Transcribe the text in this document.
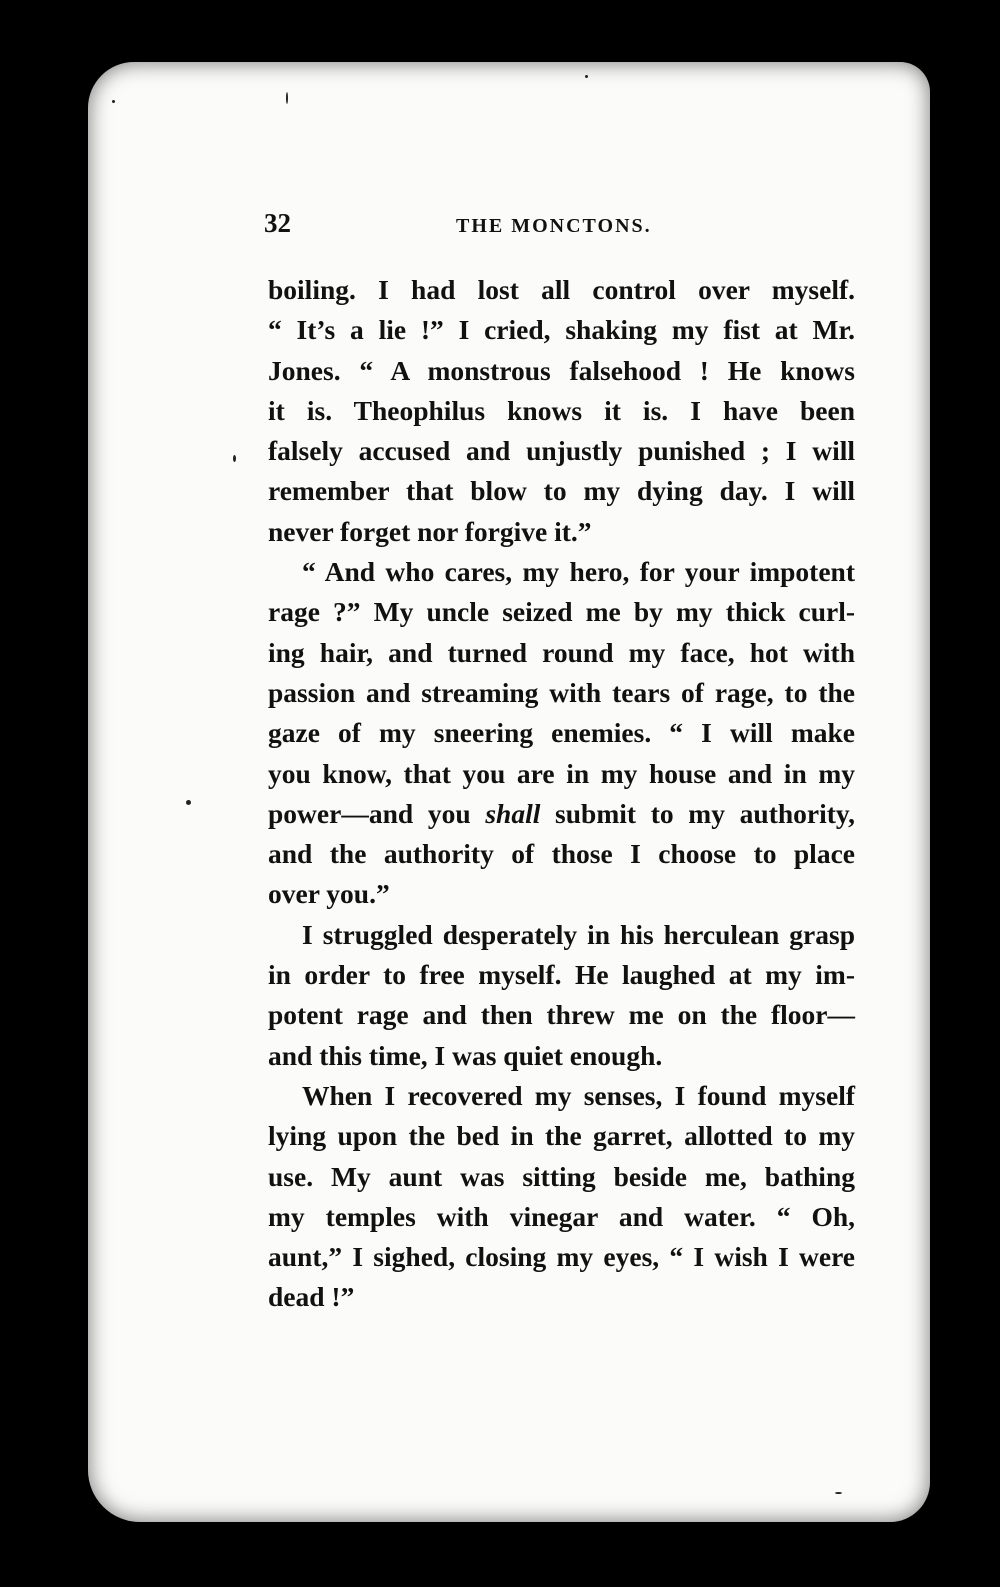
32	THE MONCTONS.

boiling. I had lost all control over myself.
“ It’s a lie !” I cried, shaking my fist at Mr.
Jones. “ A monstrous falsehood ! He knows
it is. Theophilus knows it is. I have been
falsely accused and unjustly punished ; I will
remember that blow to my dying day. I will
never forget nor forgive it.”

“ And who cares, my hero, for your impotent
rage ?” My uncle seized me by my thick curl-
ing hair, and turned round my face, hot with
passion and streaming with tears of rage, to the
gaze of my sneering enemies. “ I will make
you know, that you are in my house and in my
power—and you shall submit to my authority,
and the authority of those I choose to place
over you.”

I struggled desperately in his herculean grasp
in order to free myself. He laughed at my im-
potent rage and then threw me on the floor—
and this time, I was quiet enough.

When I recovered my senses, I found myself
lying upon the bed in the garret, allotted to my
use. My aunt was sitting beside me, bathing
my temples with vinegar and water. “ Oh,
aunt,” I sighed, closing my eyes, “ I wish I were
dead !”
